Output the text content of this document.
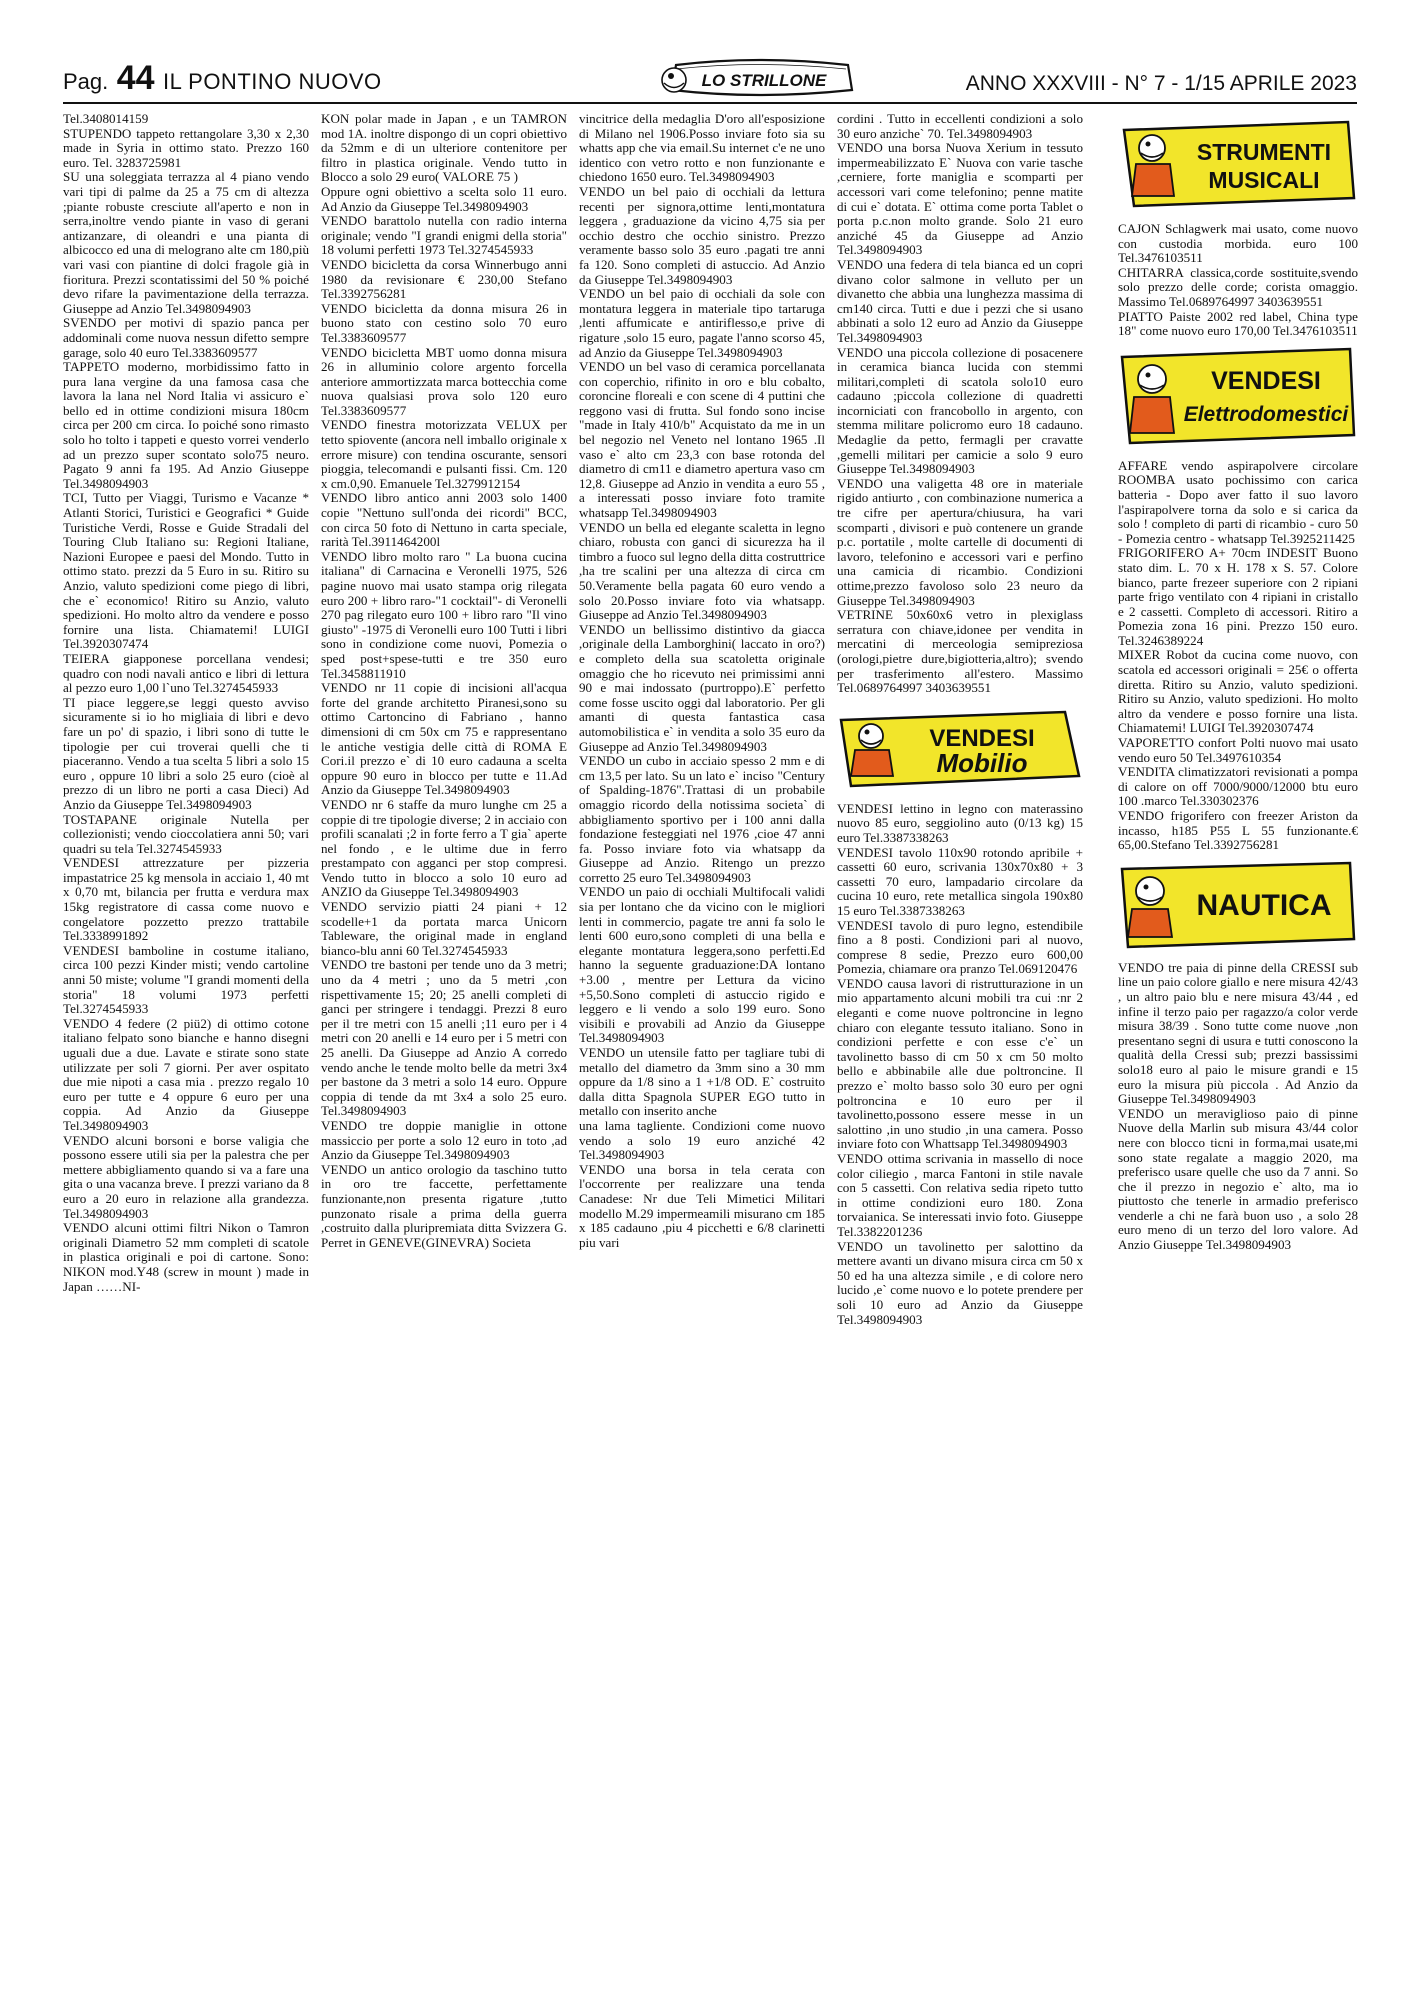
Pag. 44 IL PONTINO NUOVO	LO STRILLONE	ANNO XXXVIII - N° 7 - 1/15 APRILE 2023

Tel.3408014159

STUPENDO tappeto rettangolare 3,30 x 2,30 made in Syria in ottimo stato. Prezzo 160 euro. Tel. 3283725981

SU una soleggiata terrazza al 4 piano vendo vari tipi di palme da 25 a 75 cm di altezza ;piante robuste cresciute all'aperto e non in serra,inoltre vendo piante in vaso di gerani antizanzare, di oleandri e una pianta di albicocco ed una di melograno alte cm 180,più vari vasi con piantine di dolci fragole già in fioritura. Prezzi scontatissimi del 50 % poiché devo rifare la pavimentazione della terrazza. Giuseppe ad Anzio Tel.3498094903

SVENDO per motivi di spazio panca per addominali come nuova nessun difetto sempre garage, solo 40 euro Tel.3383609577

TAPPETO moderno, morbidissimo fatto in pura lana vergine da una famosa casa che lavora la lana nel Nord Italia vi assicuro e` bello ed in ottime condizioni misura 180cm circa per 200 cm circa. Io poiché sono rimasto solo ho tolto i tappeti e questo vorrei venderlo ad un prezzo super scontato solo75 neuro. Pagato 9 anni fa 195. Ad Anzio Giuseppe Tel.3498094903

TCI, Tutto per Viaggi, Turismo e Vacanze * Atlanti Storici, Turistici e Geografici * Guide Turistiche Verdi, Rosse e Guide Stradali del Touring Club Italiano su: Regioni Italiane, Nazioni Europee e paesi del Mondo. Tutto in ottimo stato. prezzi da 5 Euro in su. Ritiro su Anzio, valuto spedizioni come piego di libri, che e` economico! Ritiro su Anzio, valuto spedizioni. Ho molto altro da vendere e posso fornire una lista. Chiamatemi! LUIGI Tel.3920307474

TEIERA giapponese porcellana vendesi; quadro con nodi navali antico e libri di lettura al pezzo euro 1,00 l`uno Tel.3274545933

TI piace leggere,se leggi questo avviso sicuramente si io ho migliaia di libri e devo fare un po' di spazio, i libri sono di tutte le tipologie per cui troverai quelli che ti piaceranno. Vendo a tua scelta 5 libri a solo 15 euro , oppure 10 libri a solo 25 euro (cioè al prezzo di un libro ne porti a casa Dieci) Ad Anzio da Giuseppe Tel.3498094903

TOSTAPANE originale Nutella per collezionisti; vendo cioccolatiera anni 50; vari quadri su tela Tel.3274545933

VENDESI attrezzature per pizzeria impastatrice 25 kg mensola in acciaio 1, 40 mt x 0,70 mt, bilancia per frutta e verdura max 15kg registratore di cassa come nuovo e congelatore pozzetto prezzo trattabile Tel.3338991892

VENDESI bamboline in costume italiano, circa 100 pezzi Kinder misti; vendo cartoline anni 50 miste; volume "I grandi momenti della storia" 18 volumi 1973 perfetti Tel.3274545933

VENDO 4 federe (2 piü2) di ottimo cotone italiano felpato sono bianche e hanno disegni uguali due a due. Lavate e stirate sono state utilizzate per soli 7 giorni. Per aver ospitato due mie nipoti a casa mia . prezzo regalo 10 euro per tutte e 4 oppure 6 euro per una coppia. Ad Anzio da Giuseppe Tel.3498094903

VENDO alcuni borsoni e borse valigia che possono essere utili sia per la palestra che per mettere abbigliamento quando si va a fare una gita o una vacanza breve. I prezzi variano da 8 euro a 20 euro in relazione alla grandezza. Tel.3498094903

VENDO alcuni ottimi filtri Nikon o Tamron originali Diametro 52 mm completi di scatole in plastica originali e poi di cartone. Sono: NIKON mod.Y48 (screw in mount ) made in Japan ……NI-

KON polar made in Japan , e un TAMRON mod 1A. inoltre dispongo di un copri obiettivo da 52mm e di un ulteriore contenitore per filtro in plastica originale. Vendo tutto in Blocco a solo 29 euro( VALORE 75 )

Oppure ogni obiettivo a scelta solo 11 euro. Ad Anzio da Giuseppe Tel.3498094903

VENDO barattolo nutella con radio interna originale; vendo "I grandi enigmi della storia" 18 volumi perfetti 1973 Tel.3274545933

VENDO bicicletta da corsa Winnerbugo anni 1980 da revisionare € 230,00 Stefano Tel.3392756281

VENDO bicicletta da donna misura 26 in buono stato con cestino solo 70 euro Tel.3383609577

VENDO bicicletta MBT uomo donna misura 26 in alluminio colore argento forcella anteriore ammortizzata marca bottecchia come nuova qualsiasi prova solo 120 euro Tel.3383609577

VENDO finestra motorizzata VELUX per tetto spiovente (ancora nell imballo originale x errore misure) con tendina oscurante, sensori pioggia, telecomandi e pulsanti fissi. Cm. 120 x cm.0,90. Emanuele Tel.3279912154

VENDO libro antico anni 2003 solo 1400 copie "Nettuno sull'onda dei ricordi" BCC, con circa 50 foto di Nettuno in carta speciale, rarità Tel.3911464200l

VENDO libro molto raro " La buona cucina italiana" di Carnacina e Veronelli 1975, 526 pagine nuovo mai usato stampa orig rilegata euro 200 + libro raro-"1 cocktail"- di Veronelli 270 pag rilegato euro 100 + libro raro "Il vino giusto" -1975 di Veronelli euro 100 Tutti i libri sono in condizione come nuovi, Pomezia o sped post+spese-tutti e tre 350 euro Tel.3458811910

VENDO nr 11 copie di incisioni all'acqua forte del grande architetto Piranesi,sono su ottimo Cartoncino di Fabriano , hanno dimensioni di cm 50x cm 75 e rappresentano le antiche vestigia delle città di ROMA E Cori.il prezzo e` di 10 euro cadauna a scelta oppure 90 euro in blocco per tutte e 11.Ad Anzio da Giuseppe Tel.3498094903

VENDO nr 6 staffe da muro lunghe cm 25 a coppie di tre tipologie diverse; 2 in acciaio con profili scanalati ;2 in forte ferro a T gia` aperte nel fondo , e le ultime due in ferro prestampato con agganci per stop compresi. Vendo tutto in blocco a solo 10 euro ad ANZIO da Giuseppe Tel.3498094903

VENDO servizio piatti 24 piani + 12 scodelle+1 da portata marca Unicorn Tableware, the original made in england bianco-blu anni 60 Tel.3274545933

VENDO tre bastoni per tende uno da 3 metri; uno da 4 metri ; uno da 5 metri ,con rispettivamente 15; 20; 25 anelli completi di ganci per stringere i tendaggi. Prezzi 8 euro per il tre metri con 15 anelli ;11 euro per i 4 metri con 20 anelli e 14 euro per i 5 metri con 25 anelli. Da Giuseppe ad Anzio A corredo vendo anche le tende molto belle da metri 3x4 per bastone da 3 metri a solo 14 euro. Oppure coppia di tende da mt 3x4 a solo 25 euro. Tel.3498094903

VENDO tre doppie maniglie in ottone massiccio per porte a solo 12 euro in toto ,ad Anzio da Giuseppe Tel.3498094903

VENDO un antico orologio da taschino tutto in oro tre faccette, perfettamente funzionante,non presenta rigature ,tutto punzonato risale a prima della guerra ,costruito dalla pluripremiata ditta Svizzera G. Perret in GENEVE(GINEVRA) Societa

vincitrice della medaglia D'oro all'esposizione di Milano nel 1906.Posso inviare foto sia su whatts app che via email.Su internet c'e ne uno identico con vetro rotto e non funzionante e chiedono 1650 euro. Tel.3498094903

VENDO un bel paio di occhiali da lettura recenti per signora,ottime lenti,montatura leggera , graduazione da vicino 4,75 sia per occhio destro che occhio sinistro. Prezzo veramente basso solo 35 euro .pagati tre anni fa 120. Sono completi di astuccio. Ad Anzio da Giuseppe Tel.3498094903

VENDO un bel paio di occhiali da sole con montatura leggera in materiale tipo tartaruga ,lenti affumicate e antiriflesso,e prive di rigature ,solo 15 euro, pagate l'anno scorso 45, ad Anzio da Giuseppe Tel.3498094903

VENDO un bel vaso di ceramica porcellanata con coperchio, rifinito in oro e blu cobalto, coroncine floreali e con scene di 4 puttini che reggono vasi di frutta. Sul fondo sono incise "made in Italy 410/b" Acquistato da me in un bel negozio nel Veneto nel lontano 1965 .Il vaso e` alto cm 23,3 con base rotonda del diametro di cm11 e diametro apertura vaso cm 12,8. Giuseppe ad Anzio in vendita a euro 55 , a interessati posso inviare foto tramite whatsapp Tel.3498094903

VENDO un bella ed elegante scaletta in legno chiaro, robusta con ganci di sicurezza ha il timbro a fuoco sul legno della ditta costruttrice ,ha tre scalini per una altezza di circa cm 50.Veramente bella pagata 60 euro vendo a solo 20.Posso inviare foto via whatsapp. Giuseppe ad Anzio Tel.3498094903

VENDO un bellissimo distintivo da giacca ,originale della Lamborghini( laccato in oro?) e completo della sua scatoletta originale omaggio che ho ricevuto nei primissimi anni 90 e mai indossato (purtroppo).E` perfetto come fosse uscito oggi dal laboratorio. Per gli amanti di questa fantastica casa automobilistica e` in vendita a solo 35 euro da Giuseppe ad Anzio Tel.3498094903

VENDO un cubo in acciaio spesso 2 mm e di cm 13,5 per lato. Su un lato e` inciso "Century of Spalding-1876".Trattasi di un probabile omaggio ricordo della notissima societa` di abbigliamento sportivo per i 100 anni dalla fondazione festeggiati nel 1976 ,cioe 47 anni fa. Posso inviare foto via whatsapp da Giuseppe ad Anzio. Ritengo un prezzo corretto 25 euro Tel.3498094903

VENDO un paio di occhiali Multifocali validi sia per lontano che da vicino con le migliori lenti in commercio, pagate tre anni fa solo le lenti 600 euro,sono completi di una bella e elegante montatura leggera,sono perfetti.Ed hanno la seguente graduazione:DA lontano +3.00 , mentre per Lettura da vicino +5,50.Sono completi di astuccio rigido e leggero e li vendo a solo 199 euro. Sono visibili e provabili ad Anzio da Giuseppe Tel.3498094903

VENDO un utensile fatto per tagliare tubi di metallo del diametro da 3mm sino a 30 mm oppure da 1/8 sino a 1 +1/8 OD. E` costruito dalla ditta Spagnola SUPER EGO tutto in metallo con inserito anche

una lama tagliente. Condizioni come nuovo vendo a solo 19 euro anziché 42 Tel.3498094903

VENDO una borsa in tela cerata con l'occorrente per realizzare una tenda Canadese: Nr due Teli Mimetici Militari modello M.29 impermeamili misurano cm 185 x 185 cadauno ,piu 4 picchetti e 6/8 clarinetti piu vari

cordini . Tutto in eccellenti condizioni a solo 30 euro anziche` 70. Tel.3498094903

VENDO una borsa Nuova Xerium in tessuto impermeabilizzato E` Nuova con varie tasche ,cerniere, forte maniglia e scomparti per accessori vari come telefonino; penne matite di cui e` dotata. E` ottima come porta Tablet o porta p.c.non molto grande. Solo 21 euro anziché 45 da Giuseppe ad Anzio Tel.3498094903

VENDO una federa di tela bianca ed un copri divano color salmone in velluto per un divanetto che abbia una lunghezza massima di cm140 circa. Tutti e due i pezzi che si usano abbinati a solo 12 euro ad Anzio da Giuseppe Tel.3498094903

VENDO una piccola collezione di posacenere in ceramica bianca lucida con stemmi militari,completi di scatola solo10 euro cadauno ;piccola collezione di quadretti incorniciati con francobollo in argento, con stemma militare policromo euro 18 cadauno. Medaglie da petto, fermagli per cravatte ,gemelli militari per camicie a solo 9 euro Giuseppe Tel.3498094903

VENDO una valigetta 48 ore in materiale rigido antiurto , con combinazione numerica a tre cifre per apertura/chiusura, ha vari scomparti , divisori e può contenere un grande p.c. portatile , molte cartelle di documenti di lavoro, telefonino e accessori vari e perfino una camicia di ricambio. Condizioni ottime,prezzo favoloso solo 23 neuro da Giuseppe Tel.3498094903

VETRINE 50x60x6 vetro in plexiglass serratura con chiave,idonee per vendita in mercatini di merceologia semipreziosa (orologi,pietre dure,bigiotteria,altro); svendo per trasferimento all'estero. Massimo Tel.0689764997 3403639551

VENDESI
Mobilio

VENDESI lettino in legno con materassino nuovo 85 euro, seggiolino auto (0/13 kg) 15 euro Tel.3387338263

VENDESI tavolo 110x90 rotondo apribile + cassetti 60 euro, scrivania 130x70x80 + 3 cassetti 70 euro, lampadario circolare da cucina 10 euro, rete metallica singola 190x80 15 euro Tel.3387338263

VENDESI tavolo di puro legno, estendibile fino a 8 posti. Condizioni pari al nuovo, comprese 8 sedie, Prezzo euro 600,00 Pomezia, chiamare ora pranzo Tel.069120476

VENDO causa lavori di ristrutturazione in un mio appartamento alcuni mobili tra cui :nr 2 eleganti e come nuove poltroncine in legno chiaro con elegante tessuto italiano. Sono in condizioni perfette e con esse c'e` un tavolinetto basso di cm 50 x cm 50 molto bello e abbinabile alle due poltroncine. Il prezzo e` molto basso solo 30 euro per ogni poltroncina e 10 euro per il tavolinetto,possono essere messe in un salottino ,in uno studio ,in una camera. Posso inviare foto con Whattsapp Tel.3498094903

VENDO ottima scrivania in massello di noce color ciliegio , marca Fantoni in stile navale con 5 cassetti. Con relativa sedia ripeto tutto in ottime condizioni euro 180. Zona torvaianica. Se interessati invio foto. Giuseppe Tel.3382201236

VENDO un tavolinetto per salottino da mettere avanti un divano misura circa cm 50 x 50 ed ha una altezza simile , e di colore nero lucido ,e` come nuovo e lo potete prendere per soli 10 euro ad Anzio da Giuseppe Tel.3498094903

STRUMENTI
MUSICALI

CAJON Schlagwerk mai usato, come nuovo con custodia morbida. euro 100 Tel.3476103511

CHITARRA classica,corde sostituite,svendo solo prezzo delle corde; corista omaggio. Massimo Tel.0689764997 3403639551

PIATTO Paiste 2002 red label, China type 18" come nuovo euro 170,00 Tel.3476103511

VENDESI
Elettrodomestici

AFFARE vendo aspirapolvere circolare ROOMBA usato pochissimo con carica batteria - Dopo aver fatto il suo lavoro l'aspirapolvere torna da solo e si carica da solo ! completo di parti di ricambio - curo 50 - Pomezia centro - whatsapp Tel.3925211425

FRIGORIFERO A+ 70cm INDESIT Buono stato dim. L. 70 x H. 178 x S. 57. Colore bianco, parte frezeer superiore con 2 ripiani parte frigo ventilato con 4 ripiani in cristallo e 2 cassetti. Completo di accessori. Ritiro a Pomezia zona 16 pini. Prezzo 150 euro. Tel.3246389224

MIXER Robot da cucina come nuovo, con scatola ed accessori originali = 25€ o offerta diretta. Ritiro su Anzio, valuto spedizioni. Ritiro su Anzio, valuto spedizioni. Ho molto altro da vendere e posso fornire una lista. Chiamatemi! LUIGI Tel.3920307474

VAPORETTO confort Polti nuovo mai usato vendo euro 50 Tel.3497610354

VENDITA climatizzatori revisionati a pompa di calore on off 7000/9000/12000 btu euro 100 .marco Tel.330302376

VENDO frigorifero con freezer Ariston da incasso, h185 P55 L 55 funzionante.€ 65,00.Stefano Tel.3392756281

NAUTICA

VENDO tre paia di pinne della CRESSI sub line un paio colore giallo e nere misura 42/43 , un altro paio blu e nere misura 43/44 , ed infine il terzo paio per ragazzo/a color verde misura 38/39 . Sono tutte come nuove ,non presentano segni di usura e tutti conoscono la qualità della Cressi sub; prezzi bassissimi solo18 euro al paio le misure grandi e 15 euro la misura più piccola . Ad Anzio da Giuseppe Tel.3498094903

VENDO un meraviglioso paio di pinne Nuove della Marlin sub misura 43/44 color nere con blocco ticni in forma,mai usate,mi sono state regalate a maggio 2020, ma preferisco usare quelle che uso da 7 anni. So che il prezzo in negozio e` alto, ma io piuttosto che tenerle in armadio preferisco venderle a chi ne farà buon uso , a solo 28 euro meno di un terzo del loro valore. Ad Anzio Giuseppe Tel.3498094903
